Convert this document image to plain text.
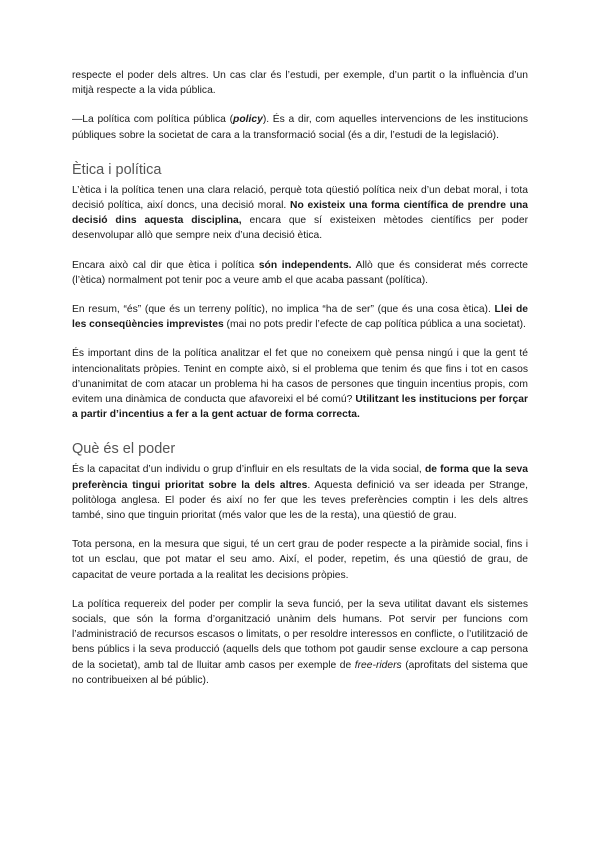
respecte el poder dels altres. Un cas clar és l’estudi, per exemple, d’un partit o la influència d’un mitjà respecte a la vida pública.

—La política com política pública (policy). És a dir, com aquelles intervencions de les institucions públiques sobre la societat de cara a la transformació social (és a dir, l’estudi de la legislació).

Ètica i política

L’ètica i la política tenen una clara relació, perquè tota qüestió política neix d’un debat moral, i tota decisió política, així doncs, una decisió moral. No existeix una forma científica de prendre una decisió dins aquesta disciplina, encara que sí existeixen mètodes científics per poder desenvolupar allò que sempre neix d’una decisió ètica.

Encara això cal dir que ètica i política són independents. Allò que és considerat més correcte (l’ètica) normalment pot tenir poc a veure amb el que acaba passant (política).

En resum, “és” (que és un terreny polític), no implica “ha de ser” (que és una cosa ètica). Llei de les conseqüències imprevistes (mai no pots predir l’efecte de cap política pública a una societat).

És important dins de la política analitzar el fet que no coneixem què pensa ningú i que la gent té intencionalitats pròpies. Tenint en compte això, si el problema que tenim és que fins i tot en casos d’unanimitat de com atacar un problema hi ha casos de persones que tinguin incentius propis, com evitem una dinàmica de conducta que afavoreixi el bé comú? Utilitzant les institucions per forçar a partir d’incentius a fer a la gent actuar de forma correcta.

Què és el poder

És la capacitat d’un individu o grup d’influir en els resultats de la vida social, de forma que la seva preferència tingui prioritat sobre la dels altres. Aquesta definició va ser ideada per Strange, politòloga anglesa. El poder és així no fer que les teves preferències comptin i les dels altres també, sino que tinguin prioritat (més valor que les de la resta), una qüestió de grau.

Tota persona, en la mesura que sigui, té un cert grau de poder respecte a la piràmide social, fins i tot un esclau, que pot matar el seu amo. Així, el poder, repetim, és una qüestió de grau, de capacitat de veure portada a la realitat les decisions pròpies.

La política requereix del poder per complir la seva funció, per la seva utilitat davant els sistemes socials, que són la forma d’organització unànim dels humans. Pot servir per funcions com l’administració de recursos escasos o limitats, o per resoldre interessos en conflicte, o l’utilització de bens públics i la seva producció (aquells dels que tothom pot gaudir sense excloure a cap persona de la societat), amb tal de lluitar amb casos per exemple de free-riders (aprofitats del sistema que no contribueixen al bé públic).
